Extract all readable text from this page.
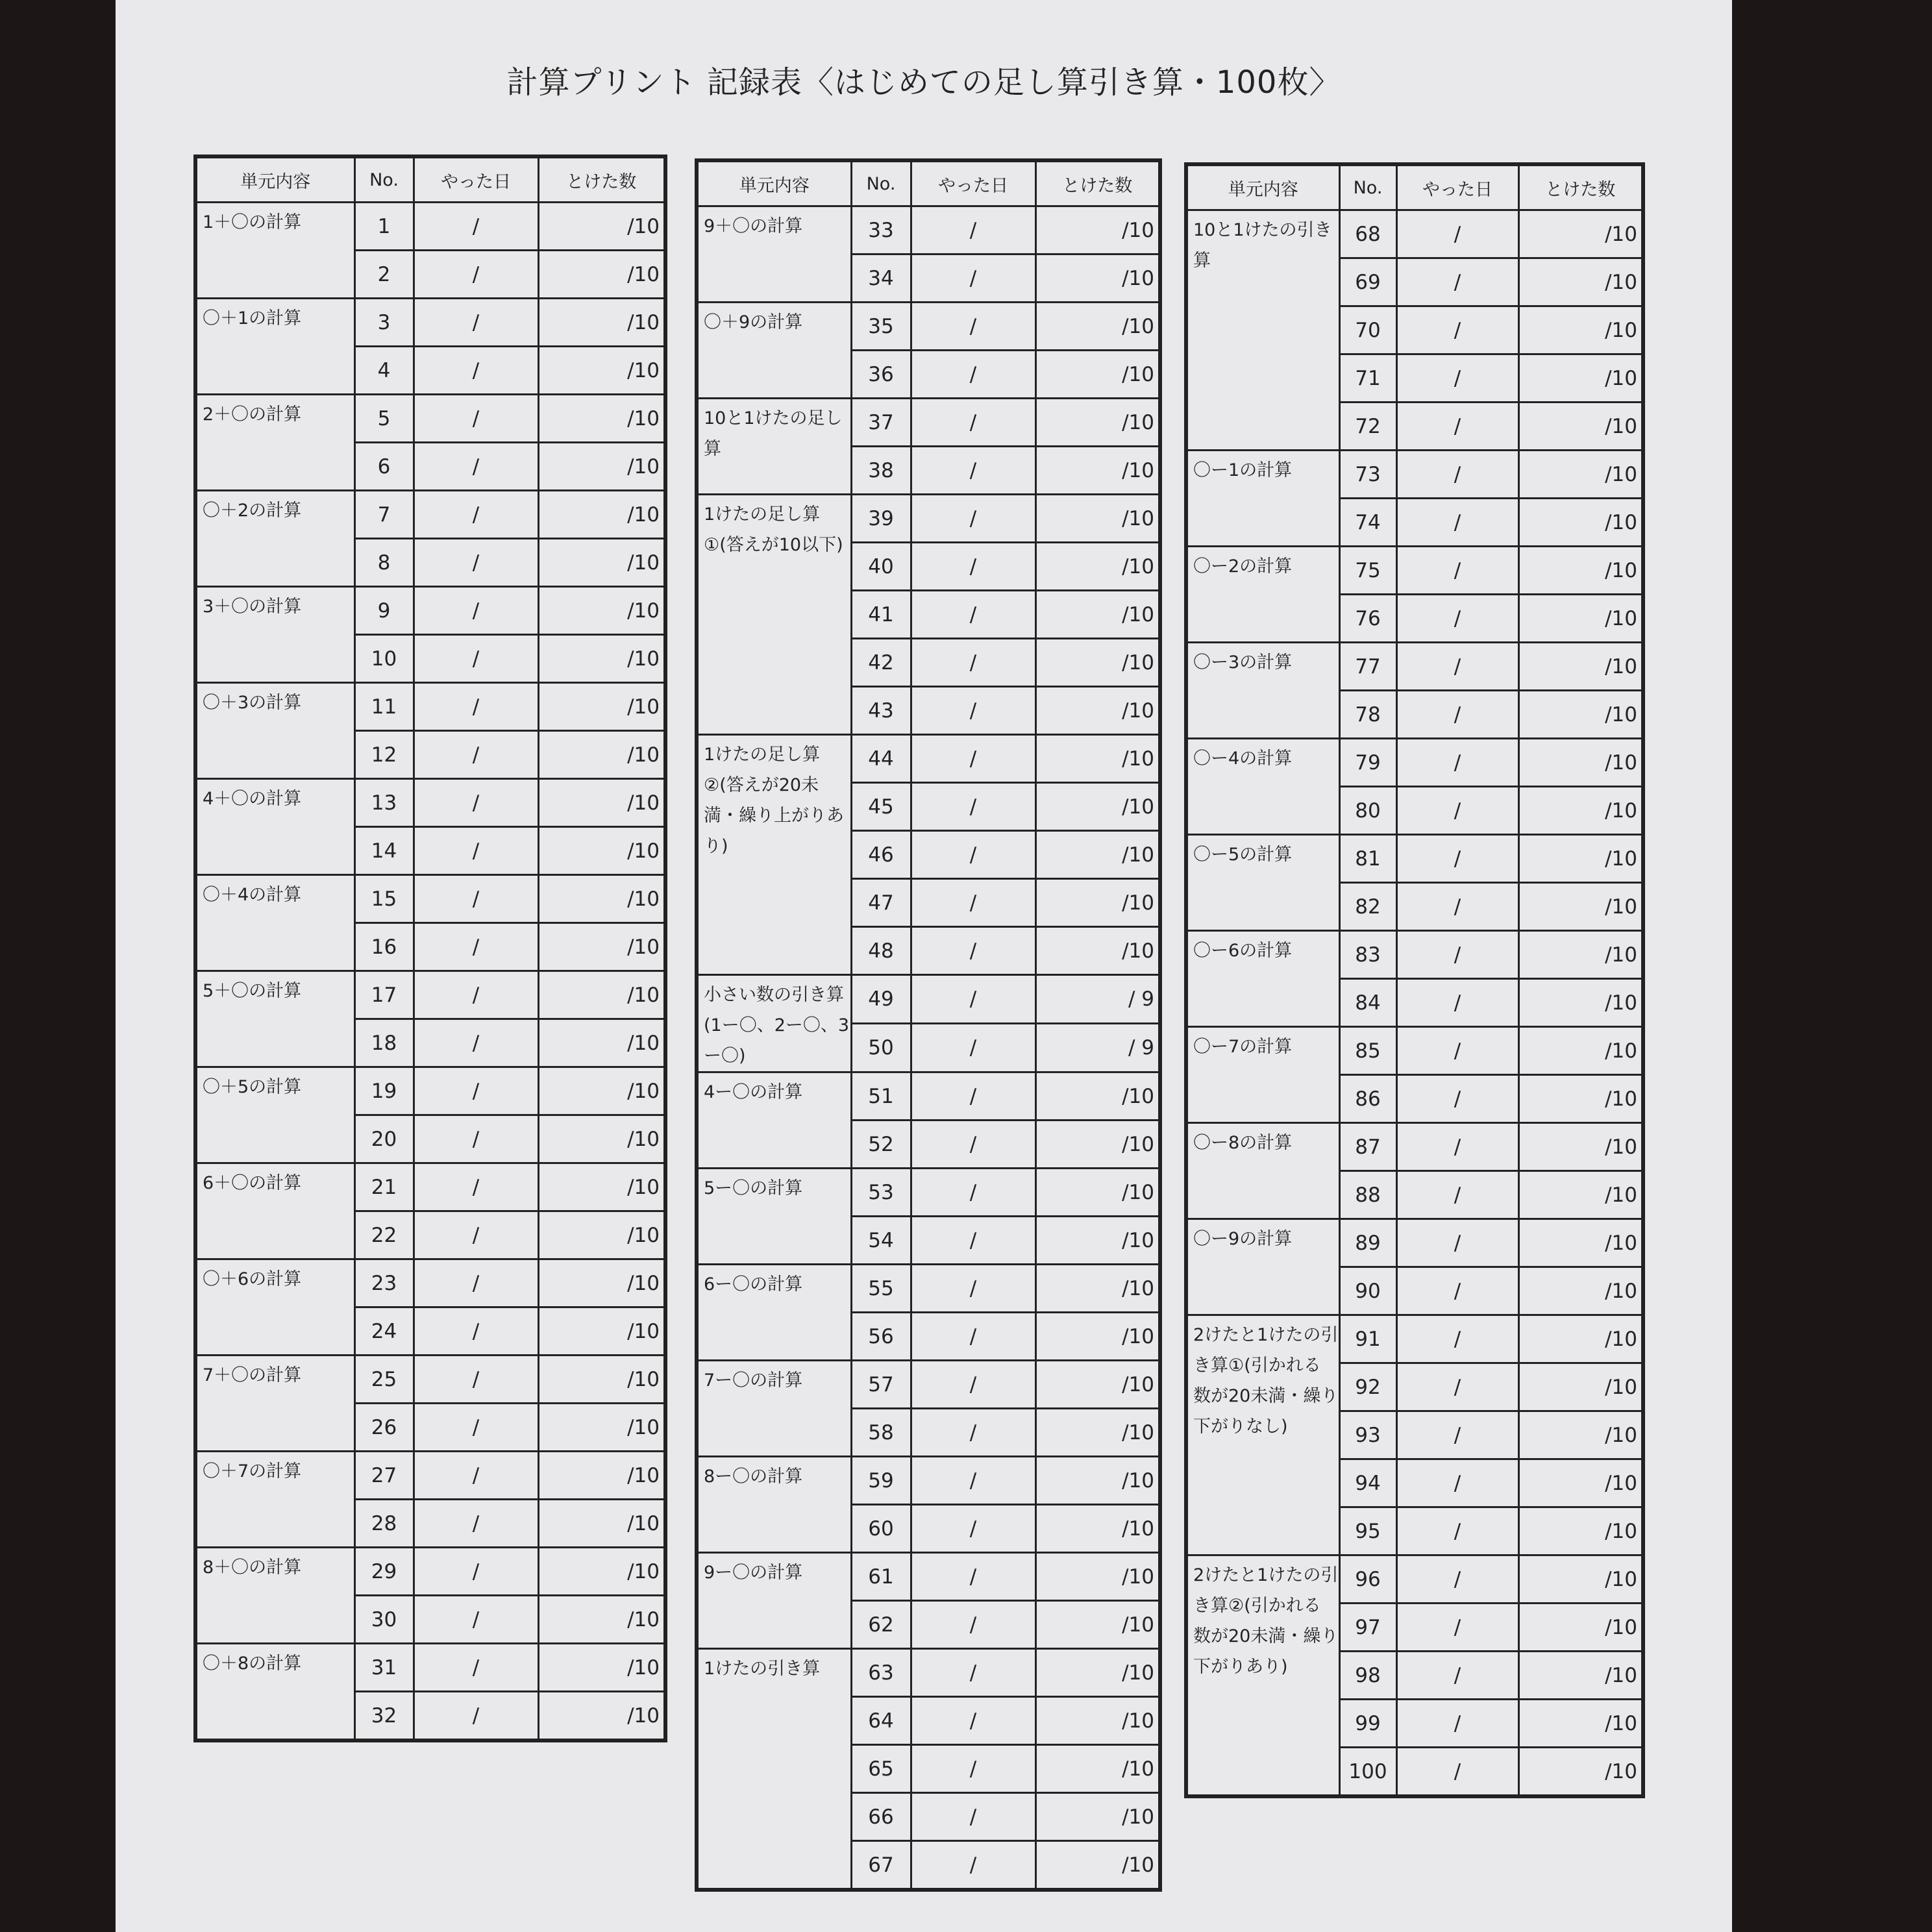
計算プリント 記録表〈はじめての足し算引き算・100枚〉
単元内容	No.	やった日	とけた数
1＋〇の計算	1	/	/10
	2	/	/10
〇＋1の計算	3	/	/10
	4	/	/10
2＋〇の計算	5	/	/10
	6	/	/10
〇＋2の計算	7	/	/10
	8	/	/10
3＋〇の計算	9	/	/10
	10	/	/10
〇＋3の計算	11	/	/10
	12	/	/10
4＋〇の計算	13	/	/10
	14	/	/10
〇＋4の計算	15	/	/10
	16	/	/10
5＋〇の計算	17	/	/10
	18	/	/10
〇＋5の計算	19	/	/10
	20	/	/10
6＋〇の計算	21	/	/10
	22	/	/10
〇＋6の計算	23	/	/10
	24	/	/10
7＋〇の計算	25	/	/10
	26	/	/10
〇＋7の計算	27	/	/10
	28	/	/10
8＋〇の計算	29	/	/10
	30	/	/10
〇＋8の計算	31	/	/10
	32	/	/10
単元内容	No.	やった日	とけた数
9＋〇の計算	33	/	/10
	34	/	/10
〇＋9の計算	35	/	/10
	36	/	/10
10と1けたの足し算	37	/	/10
	38	/	/10
1けたの足し算①(答えが10以下)	39	/	/10
	40	/	/10
	41	/	/10
	42	/	/10
	43	/	/10
1けたの足し算②(答えが20未満・繰り上がりあり)	44	/	/10
	45	/	/10
	46	/	/10
	47	/	/10
	48	/	/10
小さい数の引き算(1ー〇、2ー〇、3ー〇)	49	/	/ 9
	50	/	/ 9
4ー〇の計算	51	/	/10
	52	/	/10
5ー〇の計算	53	/	/10
	54	/	/10
6ー〇の計算	55	/	/10
	56	/	/10
7ー〇の計算	57	/	/10
	58	/	/10
8ー〇の計算	59	/	/10
	60	/	/10
9ー〇の計算	61	/	/10
	62	/	/10
1けたの引き算	63	/	/10
	64	/	/10
	65	/	/10
	66	/	/10
	67	/	/10
単元内容	No.	やった日	とけた数
10と1けたの引き算	68	/	/10
	69	/	/10
	70	/	/10
	71	/	/10
	72	/	/10
〇ー1の計算	73	/	/10
	74	/	/10
〇ー2の計算	75	/	/10
	76	/	/10
〇ー3の計算	77	/	/10
	78	/	/10
〇ー4の計算	79	/	/10
	80	/	/10
〇ー5の計算	81	/	/10
	82	/	/10
〇ー6の計算	83	/	/10
	84	/	/10
〇ー7の計算	85	/	/10
	86	/	/10
〇ー8の計算	87	/	/10
	88	/	/10
〇ー9の計算	89	/	/10
	90	/	/10
2けたと1けたの引き算①(引かれる数が20未満・繰り下がりなし)	91	/	/10
	92	/	/10
	93	/	/10
	94	/	/10
	95	/	/10
2けたと1けたの引き算②(引かれる数が20未満・繰り下がりあり)	96	/	/10
	97	/	/10
	98	/	/10
	99	/	/10
	100	/	/10
